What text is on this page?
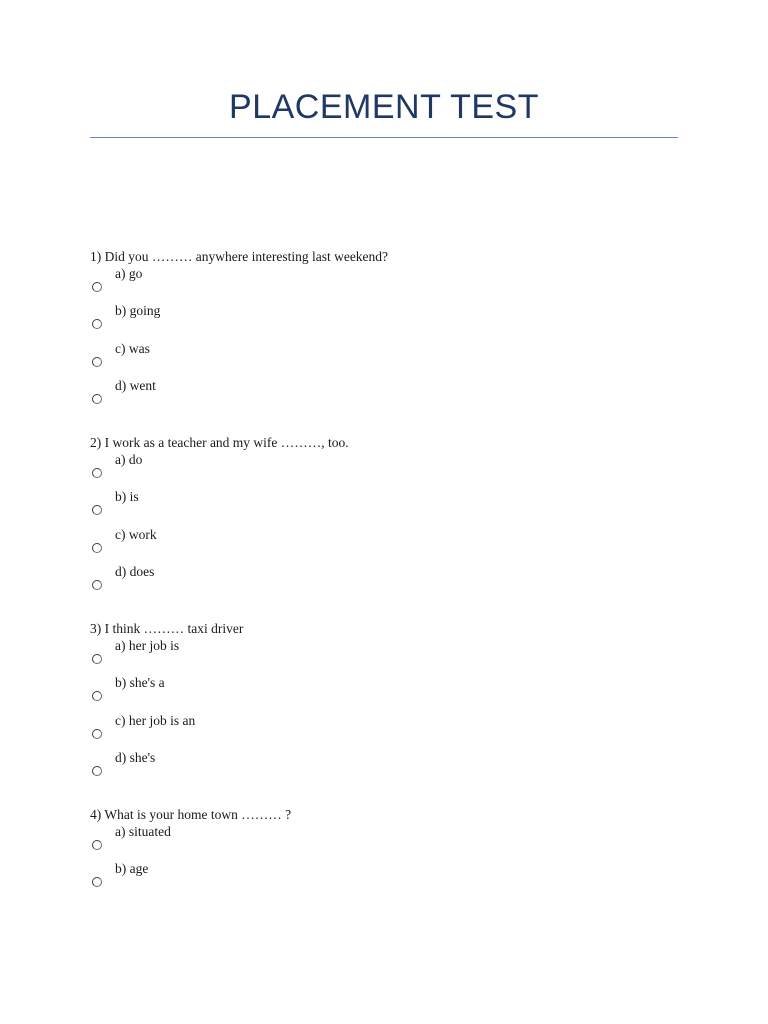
PLACEMENT TEST
1) Did you ……… anywhere interesting last weekend?
a) go
b) going
c) was
d) went
2) I work as a teacher and my wife ………, too.
a) do
b) is
c) work
d) does
3) I think ……… taxi driver
a) her job is
b) she's a
c) her job is an
d) she's
4) What is your home town ……… ?
a) situated
b) age
